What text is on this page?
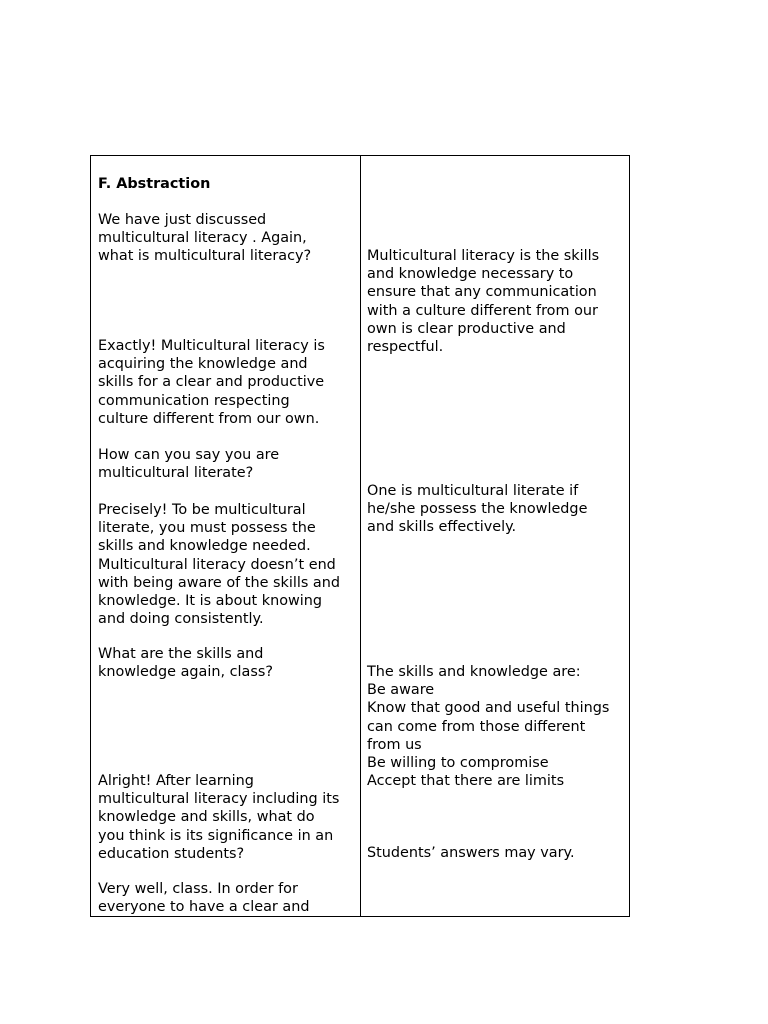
F. Abstraction

We have just discussed
multicultural literacy . Again,
what is multicultural literacy?

Exactly! Multicultural literacy is
acquiring the knowledge and
skills for a clear and productive
communication respecting
culture different from our own.

How can you say you are
multicultural literate?

Precisely! To be multicultural
literate, you must possess the
skills and knowledge needed.
Multicultural literacy doesn’t end
with being aware of the skills and
knowledge. It is about knowing
and doing consistently.

What are the skills and
knowledge again, class?

Alright! After learning
multicultural literacy including its
knowledge and skills, what do
you think is its significance in an
education students?

Very well, class. In order for
everyone to have a clear and

Multicultural literacy is the skills
and knowledge necessary to
ensure that any communication
with a culture different from our
own is clear productive and
respectful.

One is multicultural literate if
he/she possess the knowledge
and skills effectively.

The skills and knowledge are:
Be aware
Know that good and useful things
can come from those different
from us
Be willing to compromise
Accept that there are limits

Students’ answers may vary.
